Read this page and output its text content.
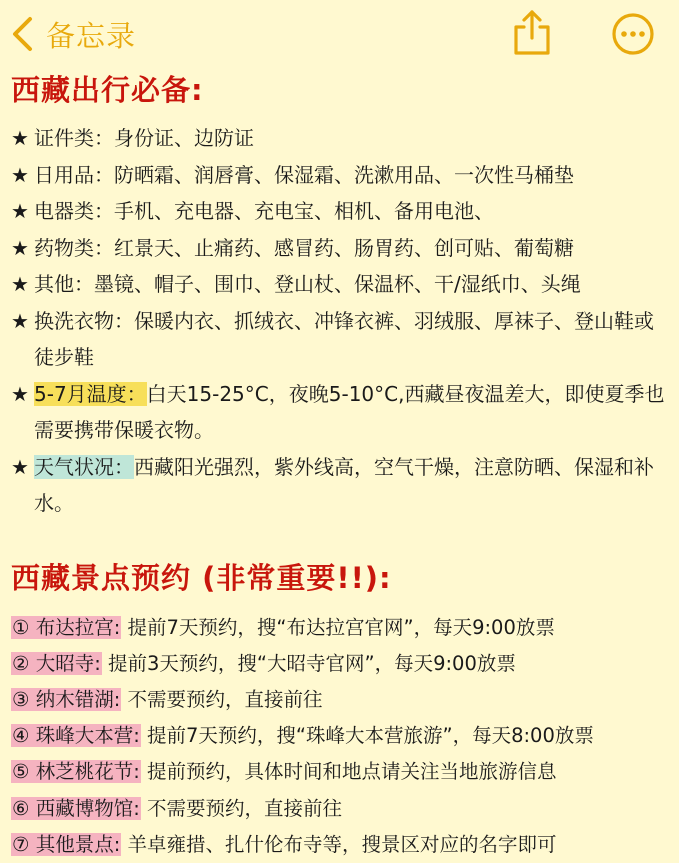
备忘录
西藏出行必备:
★ 证件类：身份证、边防证
★ 日用品：防晒霜、润唇膏、保湿霜、洗漱用品、一次性马桶垫
★ 电器类：手机、充电器、充电宝、相机、备用电池、
★ 药物类：红景天、止痛药、感冒药、肠胃药、创可贴、葡萄糖
★ 其他：墨镜、帽子、围巾、登山杖、保温杯、干/湿纸巾、头绳
★ 换洗衣物：保暖内衣、抓绒衣、冲锋衣裤、羽绒服、厚袜子、登山鞋或徒步鞋
★ 5-7月温度：白天15-25°C，夜晚5-10°C,西藏昼夜温差大，即使夏季也需要携带保暖衣物。
★ 天气状况：西藏阳光强烈，紫外线高，空气干燥，注意防晒、保湿和补水。
西藏景点预约 (非常重要!!):
① 布达拉宫: 提前7天预约，搜“布达拉宫官网”，每天9:00放票
② 大昭寺: 提前3天预约，搜“大昭寺官网”，每天9:00放票
③ 纳木错湖: 不需要预约，直接前往
④ 珠峰大本营: 提前7天预约，搜“珠峰大本营旅游”，每天8:00放票
⑤ 林芝桃花节: 提前预约，具体时间和地点请关注当地旅游信息
⑥ 西藏博物馆: 不需要预约，直接前往
⑦ 其他景点: 羊卓雍措、扎什伦布寺等，搜景区对应的名字即可
